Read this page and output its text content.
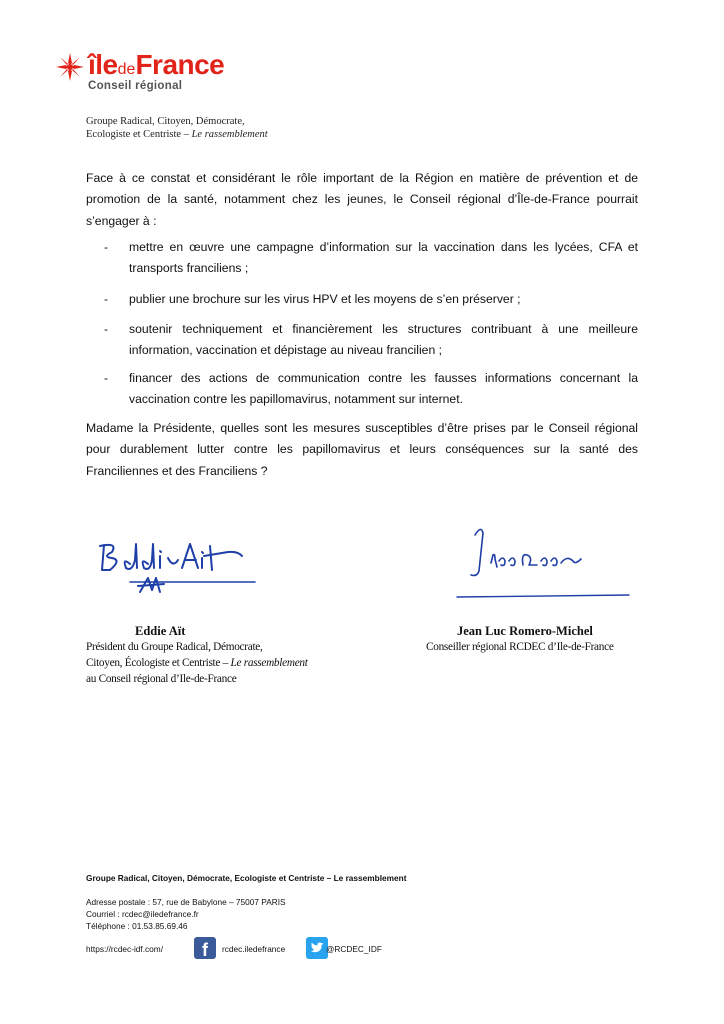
îledeFrance
Conseil régional
Groupe Radical, Citoyen, Démocrate,
Ecologiste et Centriste – Le rassemblement
Face à ce constat et considérant le rôle important de la Région en matière de prévention et de promotion de la santé, notamment chez les jeunes, le Conseil régional d’Île-de-France pourrait s’engager à :
- mettre en œuvre une campagne d’information sur la vaccination dans les lycées, CFA et transports franciliens ;
- publier une brochure sur les virus HPV et les moyens de s’en préserver ;
- soutenir techniquement et financièrement les structures contribuant à une meilleure information, vaccination et dépistage au niveau francilien ;
- financer des actions de communication contre les fausses informations concernant la vaccination contre les papillomavirus, notamment sur internet.
Madame la Présidente, quelles sont les mesures susceptibles d’être prises par le Conseil régional pour durablement lutter contre les papillomavirus et leurs conséquences sur la santé des Franciliennes et des Franciliens ?
Eddie Aït
Président du Groupe Radical, Démocrate,
Citoyen, Écologiste et Centriste – Le rassemblement
au Conseil régional d’Ile-de-France
Jean Luc Romero-Michel
Conseiller régional RCDEC d’Ile-de-France
Groupe Radical, Citoyen, Démocrate, Ecologiste et Centriste – Le rassemblement
Adresse postale : 57, rue de Babylone – 75007 PARIS
Courriel : rcdec@iledefrance.fr
Téléphone : 01.53.85.69.46
https://rcdec-idf.com/	f	rcdec.iledefrance	@RCDEC_IDF
